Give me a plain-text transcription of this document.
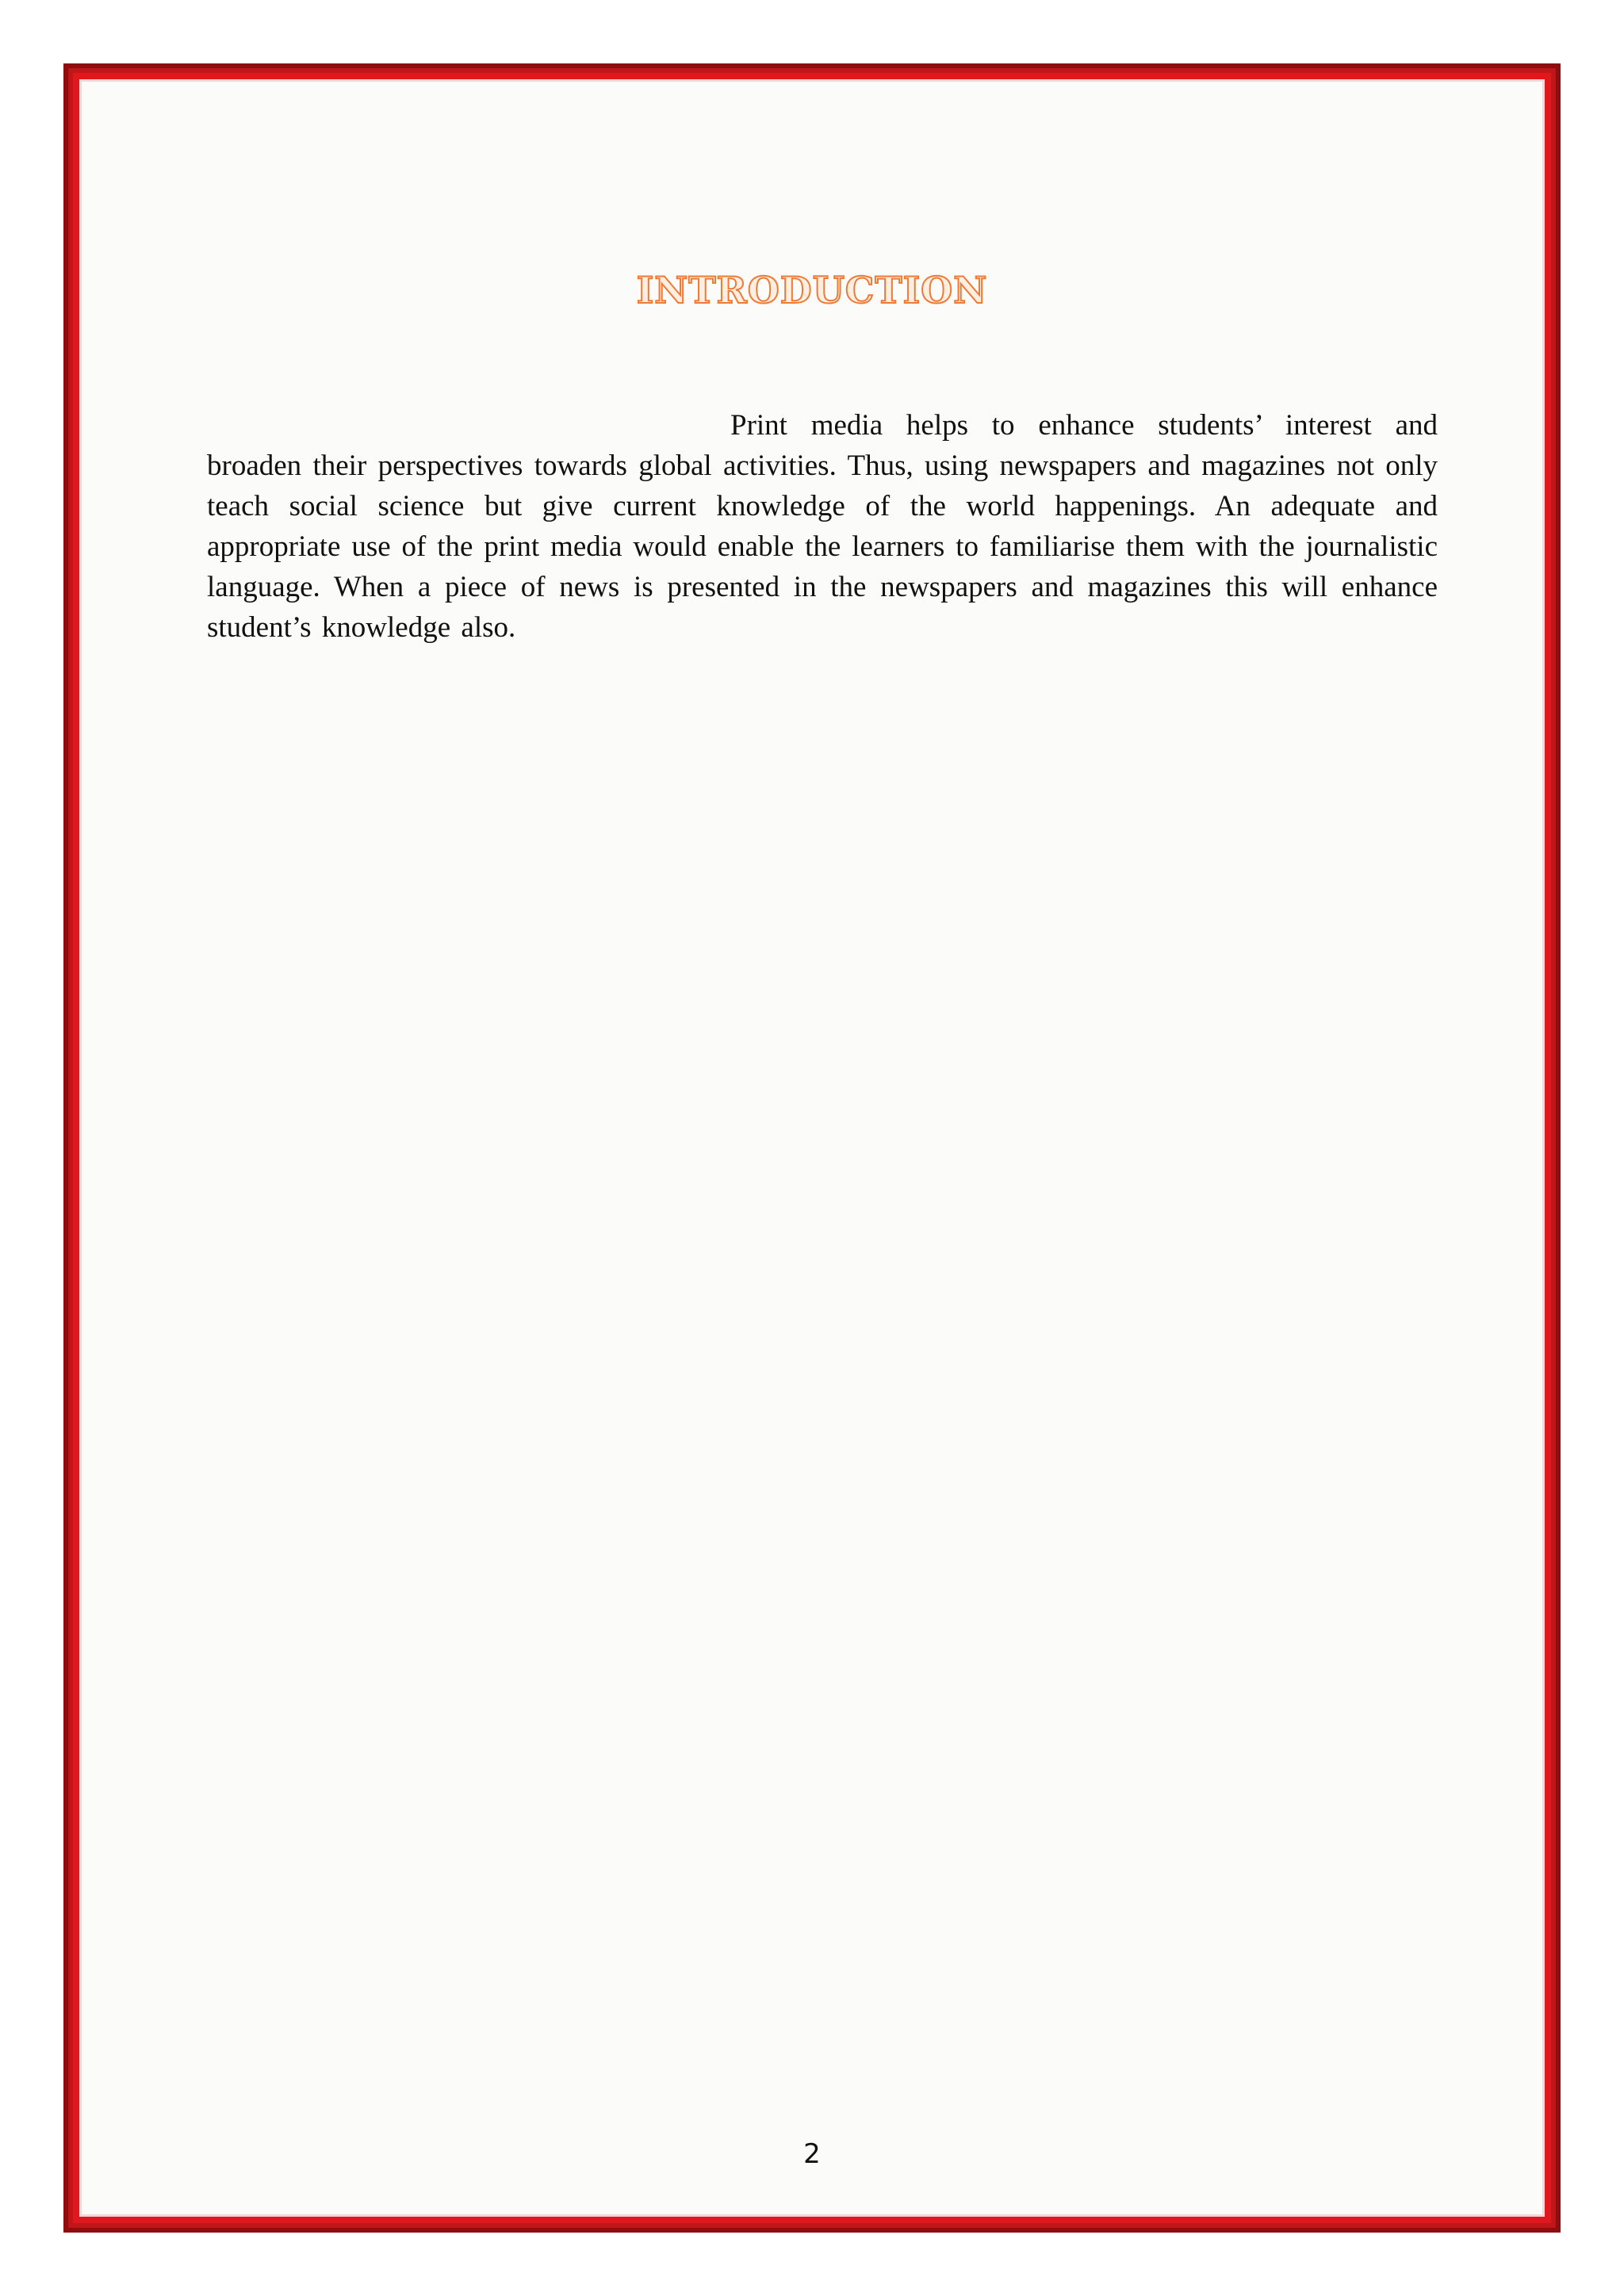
INTRODUCTION

Print media helps to enhance students’ interest and broaden their perspectives towards global activities. Thus, using newspapers and magazines not only teach social science but give current knowledge of the world happenings. An adequate and appropriate use of the print media would enable the learners to familiarise them with the journalistic language. When a piece of news is presented in the newspapers and magazines this will enhance student’s knowledge also.

2
